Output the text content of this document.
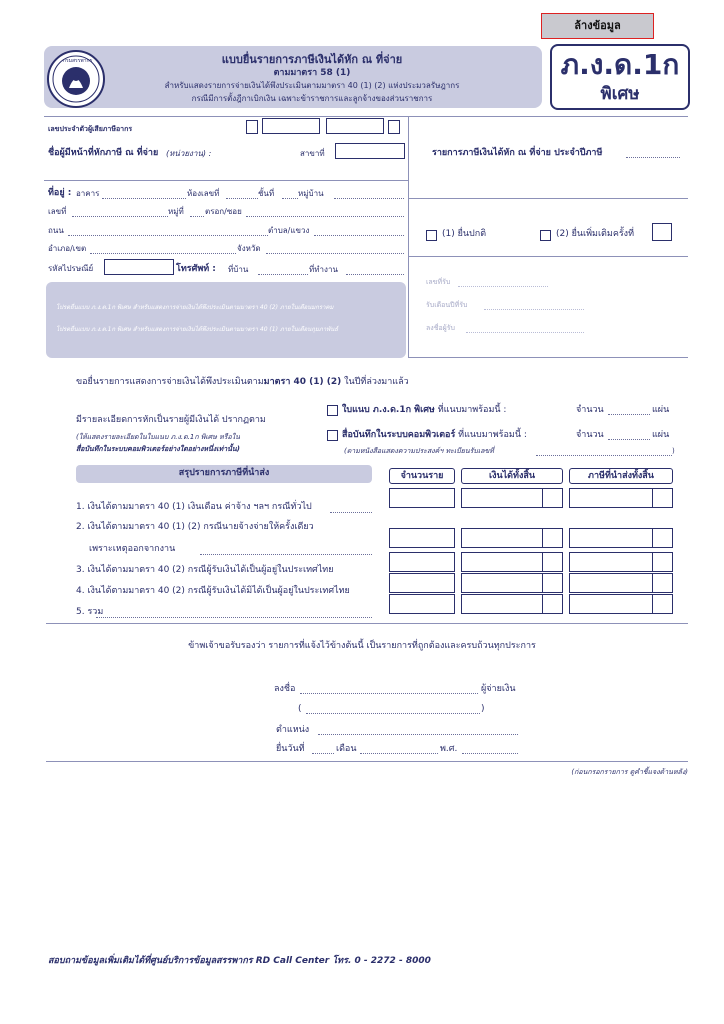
ล้างข้อมูล
กรมสรรพากร	แบบยื่นรายการภาษีเงินได้หัก ณ ที่จ่าย
ตามมาตรา 58 (1)
สำหรับแสดงรายการจ่ายเงินได้พึงประเมินตามมาตรา 40 (1) (2) แห่งประมวลรัษฎากร
กรณีมีการตั้งฎีกาเบิกเงิน เฉพาะข้าราชการและลูกจ้างของส่วนราชการ
ภ.ง.ด.1ก
พิเศษ
เลขประจำตัวผู้เสียภาษีอากร
ชื่อผู้มีหน้าที่หักภาษี ณ ที่จ่าย (หน่วยงาน) :	สาขาที่
ที่อยู่ : อาคาร	ห้องเลขที่	ชั้นที่	หมู่บ้าน
เลขที่	หมู่ที่	ตรอก/ซอย
ถนน	ตำบล/แขวง
อำเภอ/เขต	จังหวัด
รหัสไปรษณีย์	โทรศัพท์ : ที่บ้าน	ที่ทำงาน
โปรดยื่นแบบ ภ.ง.ด.1ก พิเศษ สำหรับแสดงการจ่ายเงินได้พึงประเมินตามมาตรา 40 (2) ภายในเดือนมกราคม
โปรดยื่นแบบ ภ.ง.ด.1ก พิเศษ สำหรับแสดงการจ่ายเงินได้พึงประเมินตามมาตรา 40 (1) ภายในเดือนกุมภาพันธ์
รายการภาษีเงินได้หัก ณ ที่จ่าย ประจำปีภาษี
(1) ยื่นปกติ	(2) ยื่นเพิ่มเติมครั้งที่
เลขที่รับ
รับเดือนปีที่รับ
ลงชื่อผู้รับ
ขอยื่นรายการแสดงการจ่ายเงินได้พึงประเมินตามมาตรา 40 (1) (2) ในปีที่ล่วงมาแล้ว
มีรายละเอียดการหักเป็นรายผู้มีเงินได้ ปรากฏตาม
(ให้แสดงรายละเอียดในใบแนบ ภ.ง.ด.1ก พิเศษ หรือใน
สื่อบันทึกในระบบคอมพิวเตอร์อย่างใดอย่างหนึ่งเท่านั้น)
ใบแนบ ภ.ง.ด.1ก พิเศษ ที่แนบมาพร้อมนี้ :	จำนวน	แผ่น
สื่อบันทึกในระบบคอมพิวเตอร์ ที่แนบมาพร้อมนี้ :	จำนวน	แผ่น
(ตามหนังสือแสดงความประสงค์ฯ ทะเบียนรับเลขที่	)
สรุปรายการภาษีที่นำส่ง	จำนวนราย	เงินได้ทั้งสิ้น	ภาษีที่นำส่งทั้งสิ้น
1. เงินได้ตามมาตรา 40 (1) เงินเดือน ค่าจ้าง ฯลฯ กรณีทั่วไป
2. เงินได้ตามมาตรา 40 (1) (2) กรณีนายจ้างจ่ายให้ครั้งเดียว
เพราะเหตุออกจากงาน
3. เงินได้ตามมาตรา 40 (2) กรณีผู้รับเงินได้เป็นผู้อยู่ในประเทศไทย
4. เงินได้ตามมาตรา 40 (2) กรณีผู้รับเงินได้มิได้เป็นผู้อยู่ในประเทศไทย
5. รวม
ข้าพเจ้าขอรับรองว่า รายการที่แจ้งไว้ข้างต้นนี้ เป็นรายการที่ถูกต้องและครบถ้วนทุกประการ
ลงชื่อ	ผู้จ่ายเงิน
(	)
ตำแหน่ง
ยื่นวันที่	เดือน	พ.ศ.
(ก่อนกรอกรายการ ดูคำชี้แจงด้านหลัง)
สอบถามข้อมูลเพิ่มเติมได้ที่ศูนย์บริการข้อมูลสรรพากร RD Call Center โทร. 0 - 2272 - 8000
